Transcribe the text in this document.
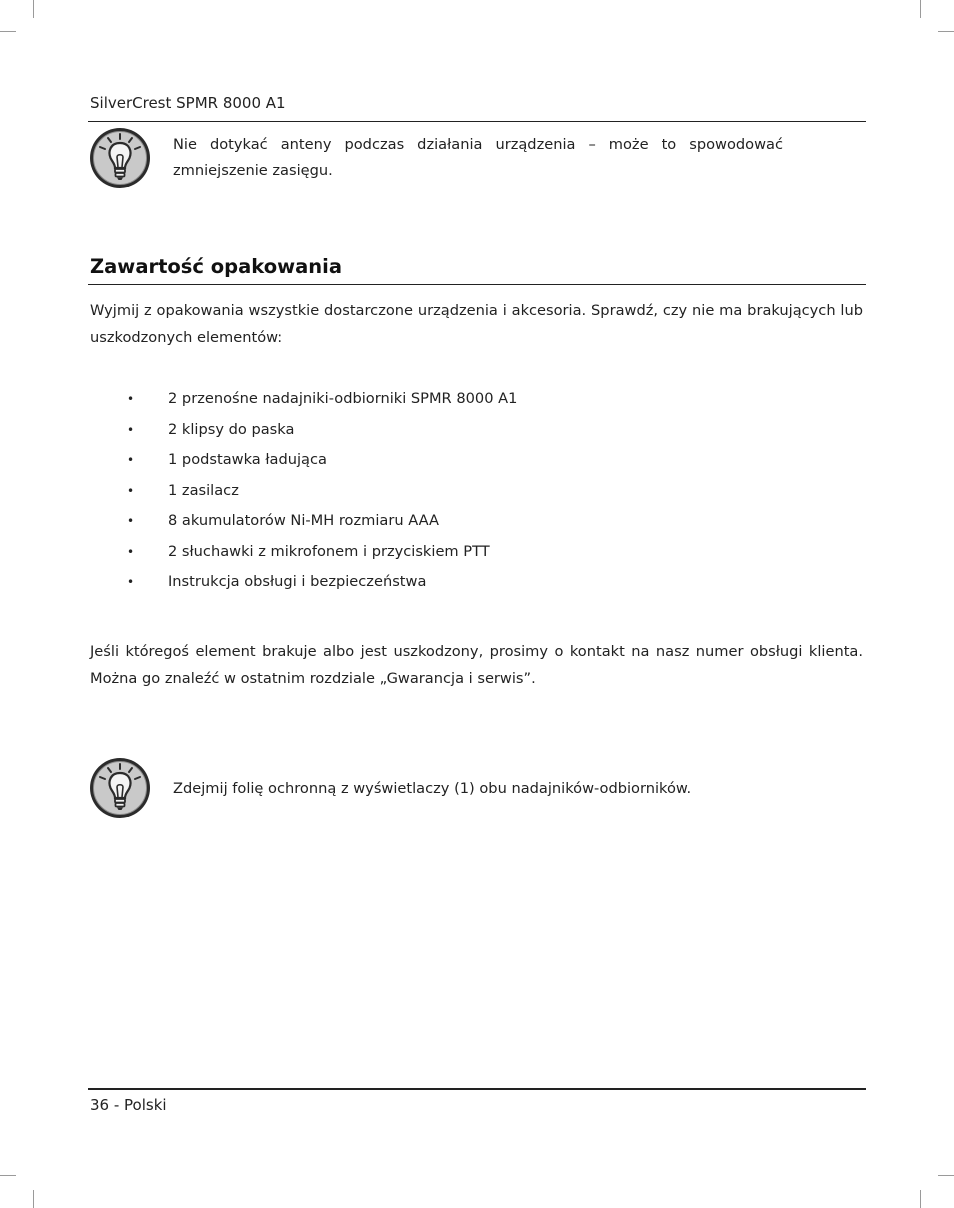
SilverCrest SPMR 8000 A1
Nie dotykać anteny podczas działania urządzenia – może to spowodować zmniejszenie zasięgu.
Zawartość opakowania
Wyjmij z opakowania wszystkie dostarczone urządzenia i akcesoria. Sprawdź, czy nie ma brakujących lub uszkodzonych elementów:
•	2 przenośne nadajniki-odbiorniki SPMR 8000 A1
•	2 klipsy do paska
•	1 podstawka ładująca
•	1 zasilacz
•	8 akumulatorów Ni-MH rozmiaru AAA
•	2 słuchawki z mikrofonem i przyciskiem PTT
•	Instrukcja obsługi i bezpieczeństwa
Jeśli któregoś element brakuje albo jest uszkodzony, prosimy o kontakt na nasz numer obsługi klienta. Można go znaleźć w ostatnim rozdziale „Gwarancja i serwis”.
Zdejmij folię ochronną z wyświetlaczy (1) obu nadajników-odbiorników.
36 - Polski
